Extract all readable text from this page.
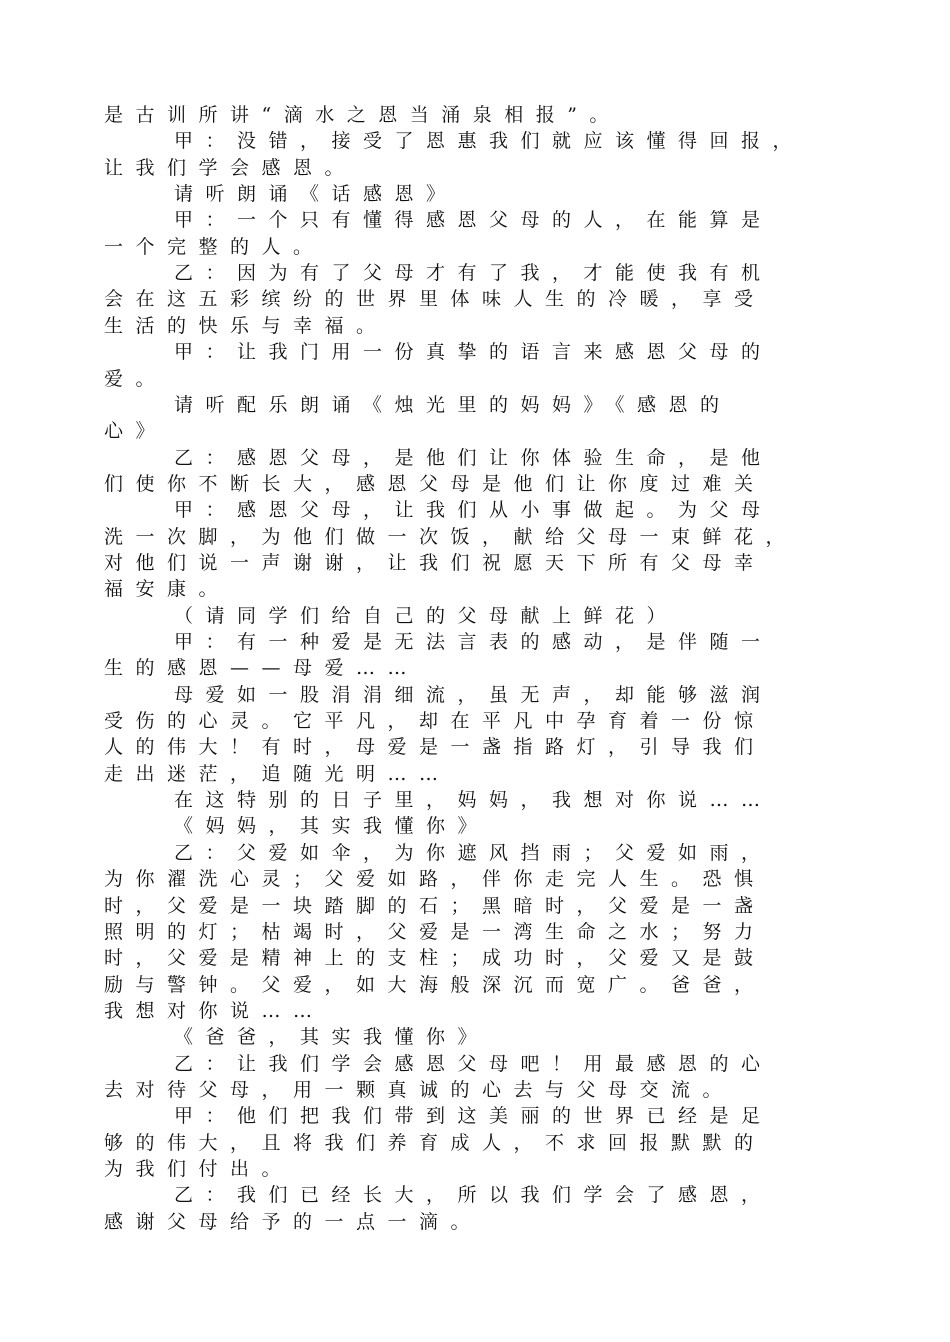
是古训所讲“滴水之恩当涌泉相报”。
甲：没错，接受了恩惠我们就应该懂得回报，
让我们学会感恩。
请听朗诵《话感恩》
甲：一个只有懂得感恩父母的人，在能算是
一个完整的人。
乙：因为有了父母才有了我，才能使我有机
会在这五彩缤纷的世界里体味人生的冷暖，享受
生活的快乐与幸福。
甲：让我门用一份真挚的语言来感恩父母的
爱。
请听配乐朗诵《烛光里的妈妈》《感恩的
心》
乙：感恩父母，是他们让你体验生命，是他
们使你不断长大，感恩父母是他们让你度过难关
甲：感恩父母，让我们从小事做起。为父母
洗一次脚，为他们做一次饭，献给父母一束鲜花，
对他们说一声谢谢，让我们祝愿天下所有父母幸
福安康。
（请同学们给自己的父母献上鲜花）
甲：有一种爱是无法言表的感动，是伴随一
生的感恩——母爱……
母爱如一股涓涓细流，虽无声，却能够滋润
受伤的心灵。它平凡，却在平凡中孕育着一份惊
人的伟大！有时，母爱是一盏指路灯，引导我们
走出迷茫，追随光明……
在这特别的日子里，妈妈，我想对你说……
《妈妈，其实我懂你》
乙：父爱如伞，为你遮风挡雨；父爱如雨，
为你濯洗心灵；父爱如路，伴你走完人生。恐惧
时，父爱是一块踏脚的石；黑暗时，父爱是一盏
照明的灯；枯竭时，父爱是一湾生命之水；努力
时，父爱是精神上的支柱；成功时，父爱又是鼓
励与警钟。父爱，如大海般深沉而宽广。爸爸，
我想对你说……
《爸爸，其实我懂你》
乙：让我们学会感恩父母吧！用最感恩的心
去对待父母，用一颗真诚的心去与父母交流。
甲：他们把我们带到这美丽的世界已经是足
够的伟大，且将我们养育成人，不求回报默默的
为我们付出。
乙：我们已经长大，所以我们学会了感恩，
感谢父母给予的一点一滴。
